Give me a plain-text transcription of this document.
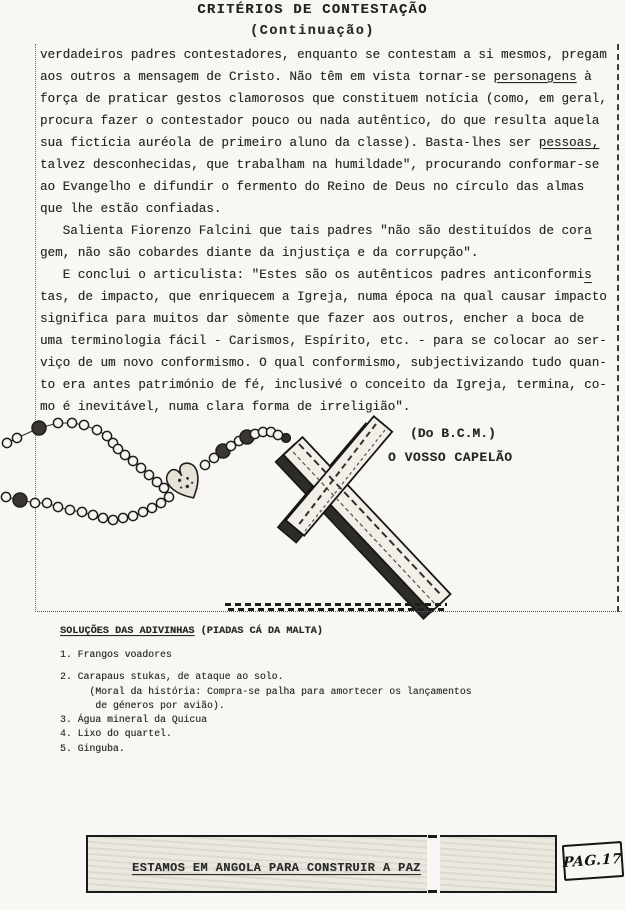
CRITÉRIOS DE CONTESTAÇÃO
(Continuação)
verdadeiros padres contestadores, enquanto se contestam a si mesmos, pregam
aos outros a mensagem de Cristo. Não têm em vista tornar-se personagens à
força de praticar gestos clamorosos que constituem notícia (como, em geral,
procura fazer o contestador pouco ou nada autêntico, do que resulta aquela
sua fictícia auréola de primeiro aluno da classe). Basta-lhes ser pessoas,
talvez desconhecidas, que trabalham na humildade", procurando conformar-se
ao Evangelho e difundir o fermento do Reino de Deus no círculo das almas
que lhe estão confiadas.
Salienta Fiorenzo Falcini que tais padres "não são destituídos de cora
gem, não são cobardes diante da injustiça e da corrupção".
E conclui o articulista: "Estes são os autênticos padres anticonformis
tas, de impacto, que enriquecem a Igreja, numa época na qual causar impacto
significa para muitos dar sòmente que fazer aos outros, encher a boca de
uma terminologia fácil - Carismos, Espírito, etc. - para se colocar ao ser-
viço de um novo conformismo. O qual conformismo, subjectivizando tudo quan-
to era antes património de fé, inclusivé o conceito da Igreja, termina, co-
mo é inevitável, numa clara forma de irreligião".
(Do B.C.M.)
O VOSSO CAPELÃO
SOLUÇÕES DAS ADIVINHAS (PIADAS CÁ DA MALTA)
1. Frangos voadores
2. Carapaus stukas, de ataque ao solo.
(Moral da história: Compra-se palha para amortecer os lançamentos
de géneros por avião).
3. Água mineral da Quicua
4. Lixo do quartel.
5. Ginguba.
ESTAMOS EM ANGOLA PARA CONSTRUIR A PAZ	PAG.17
